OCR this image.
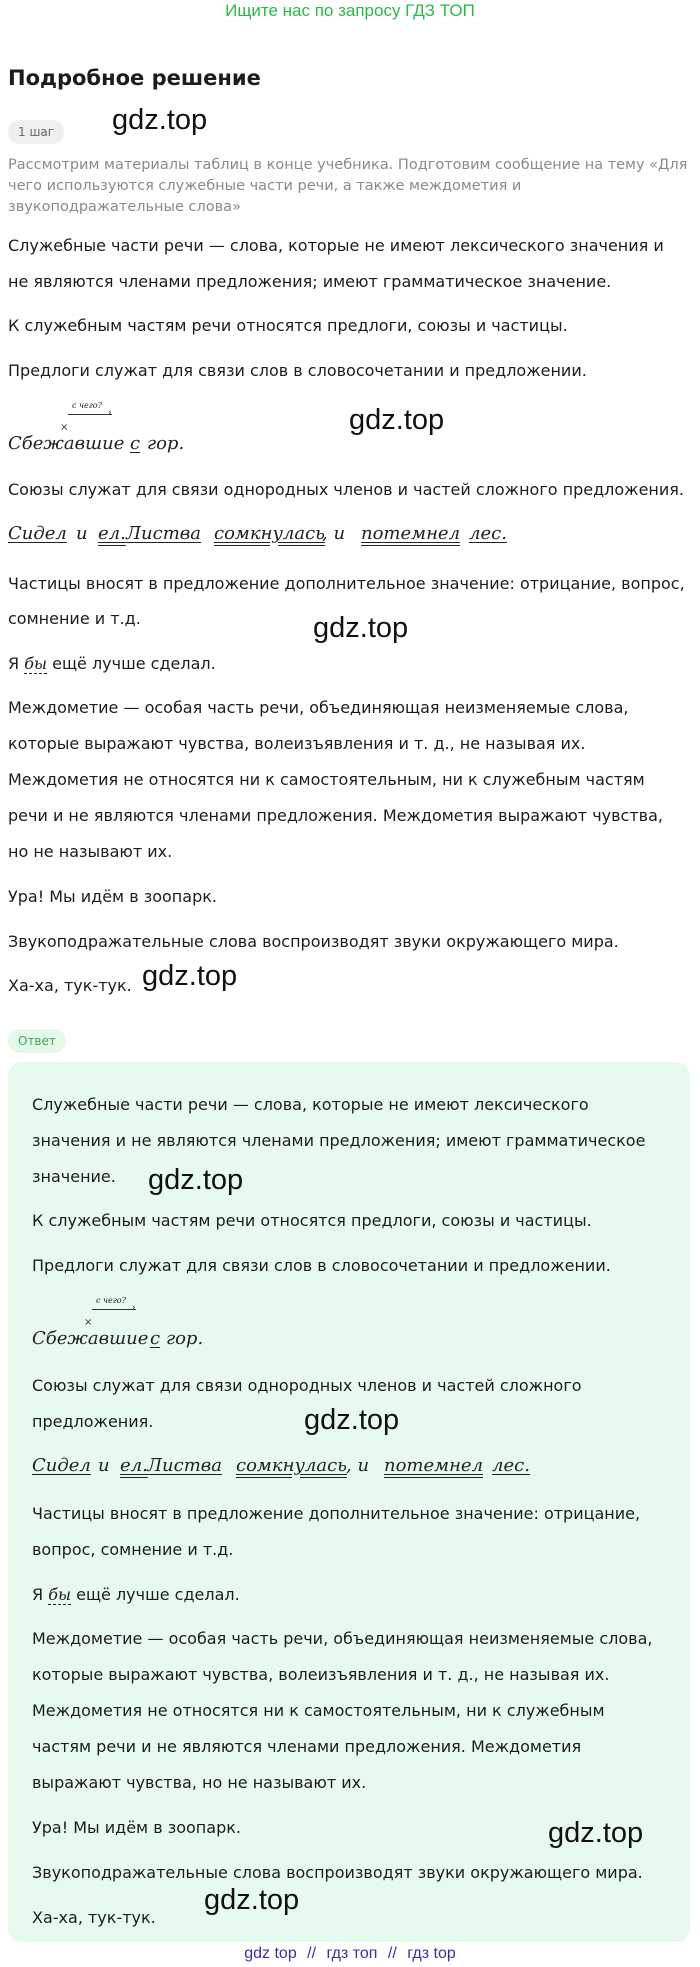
Ищите нас по запросу ГДЗ ТОП
Подробное решение
1 шаг	gdz.top
Рассмотрим материалы таблиц в конце учебника. Подготовим сообщение на тему «Для чего используются служебные части речи, а также междометия и звукоподражательные слова»
Служебные части речи — слова, которые не имеют лексического значения и
не являются членами предложения; имеют грамматическое значение.
К служебным частям речи относятся предлоги, союзы и частицы.
Предлоги служат для связи слов в словосочетании и предложении.
с чего?
›
×
Сбежавшие с гор.
gdz.top
Союзы служат для связи однородных членов и частей сложного предложения.
Сидел и ел. Листва сомкнулась
, и потемнел лес.
Частицы вносят в предложение дополнительное значение: отрицание, вопрос,
сомнение и т.д.	gdz.top
Я бы ещё лучше сделал.
Междометие — особая часть речи, объединяющая неизменяемые слова,
которые выражают чувства, волеизъявления и т. д., не называя их.
Междометия не относятся ни к самостоятельным, ни к служебным частям
речи и не являются членами предложения. Междометия выражают чувства,
но не называют их.
Ура! Мы идём в зоопарк.
Звукоподражательные слова воспроизводят звуки окружающего мира.
Ха-ха, тук-тук. gdz.top
Ответ
Служебные части речи — слова, которые не имеют лексического
значения и не являются членами предложения; имеют грамматическое
значение. gdz.top
К служебным частям речи относятся предлоги, союзы и частицы.
Предлоги служат для связи слов в словосочетании и предложении.
с чего?
›
×
Сбежавшие с гор.
Союзы служат для связи однородных членов и частей сложного
предложения.	gdz.top
Сидел и ел. Листва сомкнулась , и потемнел лес.
Частицы вносят в предложение дополнительное значение: отрицание,
вопрос, сомнение и т.д.
Я бы ещё лучше сделал.
Междометие — особая часть речи, объединяющая неизменяемые слова,
которые выражают чувства, волеизъявления и т. д., не называя их.
Междометия не относятся ни к самостоятельным, ни к служебным
частям речи и не являются членами предложения. Междометия
выражают чувства, но не называют их.
Ура! Мы идём в зоопарк.	gdz.top
Звукоподражательные слова воспроизводят звуки окружающего мира.
Ха-ха, тук-тук.
gdz.top
gdz top // гдз топ // гдз top
